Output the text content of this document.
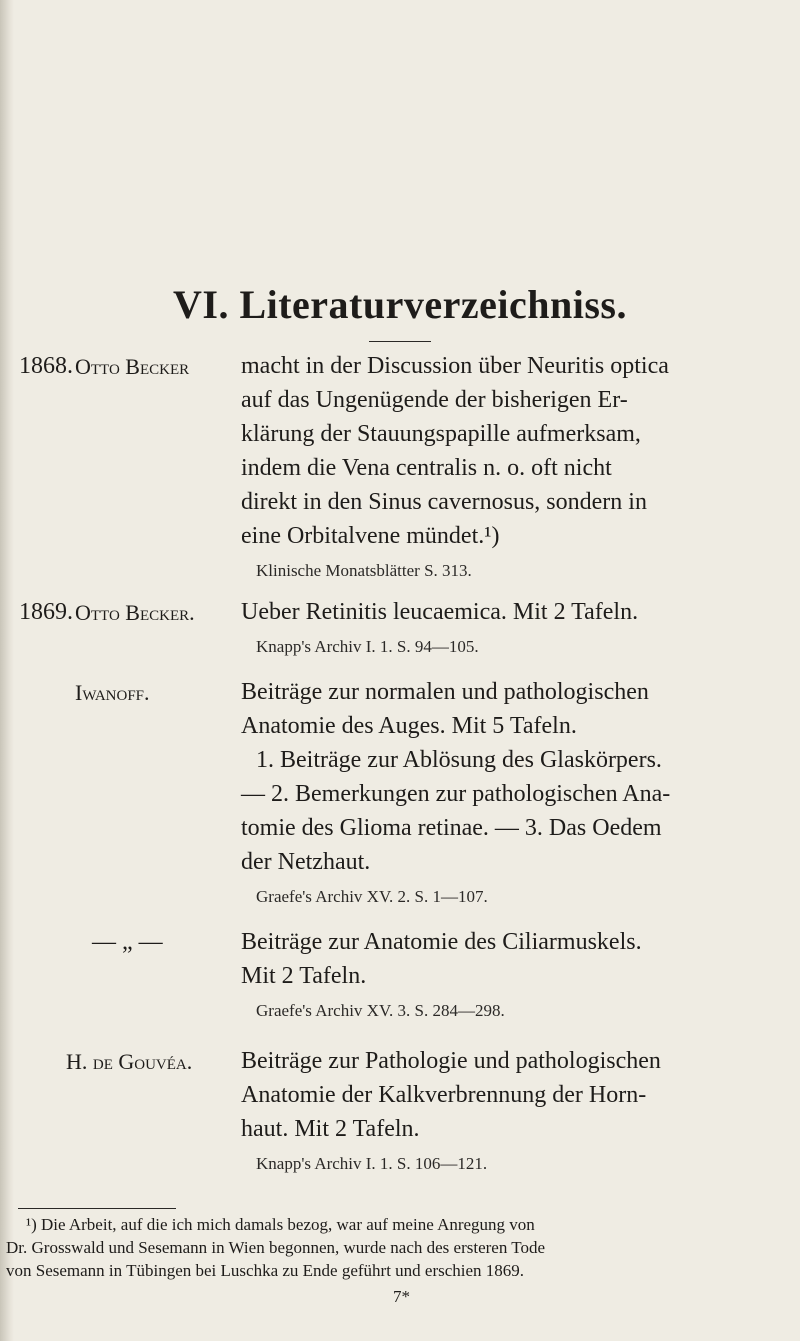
VI. Literaturverzeichniss.
1868. Otto Becker macht in der Discussion über Neuritis optica
auf das Ungenügende der bisherigen Er-
klärung der Stauungspapille aufmerksam,
indem die Vena centralis n. o. oft nicht
direkt in den Sinus cavernosus, sondern in
eine Orbitalvene mündet.¹)
Klinische Monatsblätter S. 313.
1869. Otto Becker. Ueber Retinitis leucaemica. Mit 2 Tafeln.
Knapp's Archiv I. 1. S. 94—105.
Iwanoff.	Beiträge zur normalen und pathologischen
Anatomie des Auges. Mit 5 Tafeln.
1. Beiträge zur Ablösung des Glaskörpers.
— 2. Bemerkungen zur pathologischen Ana-
tomie des Glioma retinae. — 3. Das Oedem
der Netzhaut.
Graefe's Archiv XV. 2. S. 1—107.
— „ —	Beiträge zur Anatomie des Ciliarmuskels.
Mit 2 Tafeln.
Graefe's Archiv XV. 3. S. 284—298.
H. de Gouvéa. Beiträge zur Pathologie und pathologischen
Anatomie der Kalkverbrennung der Horn-
haut. Mit 2 Tafeln.
Knapp's Archiv I. 1. S. 106—121.
¹) Die Arbeit, auf die ich mich damals bezog, war auf meine Anregung von
Dr. Grosswald und Sesemann in Wien begonnen, wurde nach des ersteren Tode
von Sesemann in Tübingen bei Luschka zu Ende geführt und erschien 1869.
7*
